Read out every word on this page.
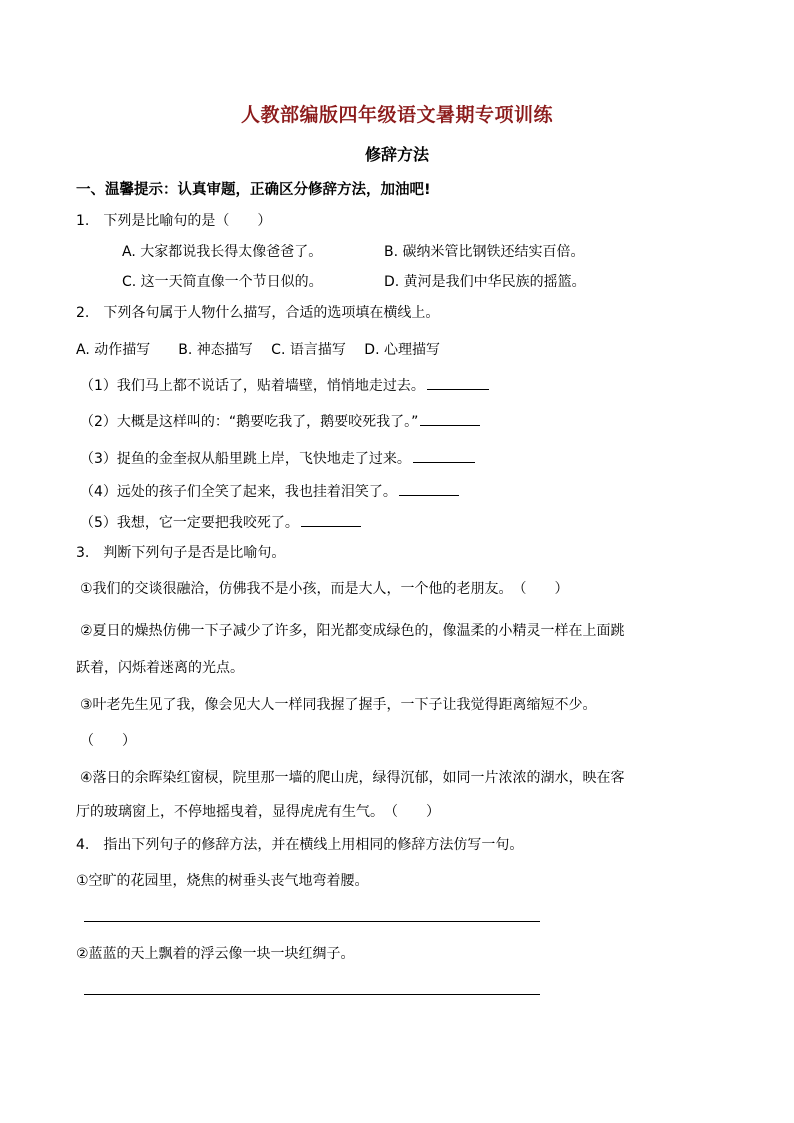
人教部编版四年级语文暑期专项训练
修辞方法
一、温馨提示：认真审题，正确区分修辞方法，加油吧!
1.　下列是比喻句的是（　　）
A. 大家都说我长得太像爸爸了。	B. 碳纳米管比钢铁还结实百倍。
C. 这一天简直像一个节日似的。	D. 黄河是我们中华民族的摇篮。
2.　下列各句属于人物什么描写，合适的选项填在横线上。
A. 动作描写　　B. 神态描写　 C. 语言描写　 D. 心理描写
（1）我们马上都不说话了，贴着墙壁，悄悄地走过去。
（2）大概是这样叫的：“鹅要吃我了，鹅要咬死我了。”
（3）捉鱼的金奎叔从船里跳上岸，飞快地走了过来。
（4）远处的孩子们全笑了起来，我也挂着泪笑了。
（5）我想，它一定要把我咬死了。
3.　判断下列句子是否是比喻句。
①我们的交谈很融洽，仿佛我不是小孩，而是大人，一个他的老朋友。　（　　）
②夏日的燥热仿佛一下子减少了许多，阳光都变成绿色的，像温柔的小精灵一样在上面跳
跃着，闪烁着迷离的光点。
③叶老先生见了我，像会见大人一样同我握了握手，一下子让我觉得距离缩短不少。
（　　）
④落日的余晖染红窗棂，院里那一墙的爬山虎，绿得沉郁，如同一片浓浓的湖水，映在客
厅的玻璃窗上，不停地摇曳着，显得虎虎有生气。　（　　）
4.　指出下列句子的修辞方法，并在横线上用相同的修辞方法仿写一句。
①空旷的花园里，烧焦的树垂头丧气地弯着腰。
②蓝蓝的天上飘着的浮云像一块一块红绸子。
